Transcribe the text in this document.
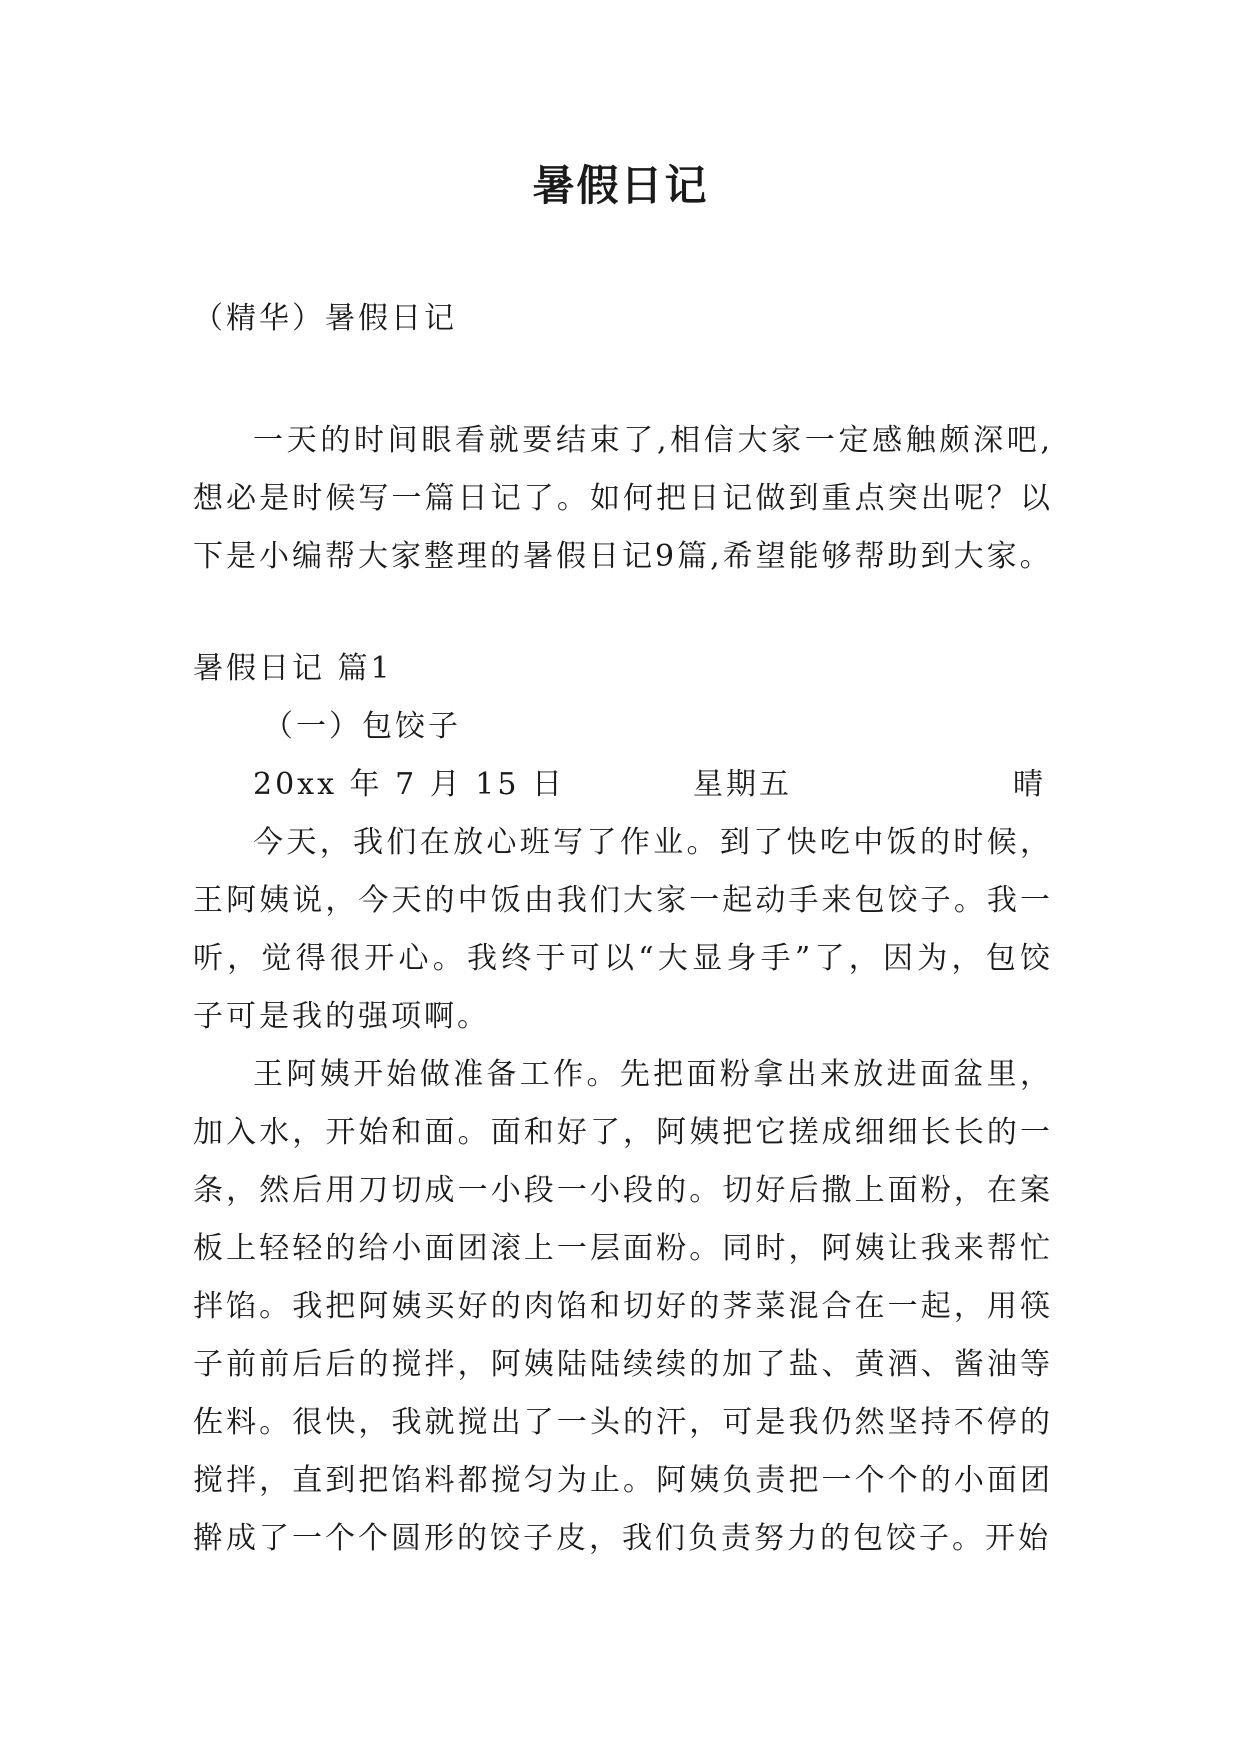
暑假日记

（精华）暑假日记

一天的时间眼看就要结束了,相信大家一定感触颇深吧,想必是时候写一篇日记了。如何把日记做到重点突出呢？以下是小编帮大家整理的暑假日记9篇,希望能够帮助到大家。

暑假日记 篇1

（一）包饺子

20xx 年 7 月 15 日	星期五	晴

今天，我们在放心班写了作业。到了快吃中饭的时候，王阿姨说，今天的中饭由我们大家一起动手来包饺子。我一听，觉得很开心。我终于可以“大显身手”了，因为，包饺子可是我的强项啊。

王阿姨开始做准备工作。先把面粉拿出来放进面盆里，加入水，开始和面。面和好了，阿姨把它搓成细细长长的一条，然后用刀切成一小段一小段的。切好后撒上面粉，在案板上轻轻的给小面团滚上一层面粉。同时，阿姨让我来帮忙拌馅。我把阿姨买好的肉馅和切好的荠菜混合在一起，用筷子前前后后的搅拌，阿姨陆陆续续的加了盐、黄酒、酱油等佐料。很快，我就搅出了一头的汗，可是我仍然坚持不停的搅拌，直到把馅料都搅匀为止。阿姨负责把一个个的小面团擀成了一个个圆形的饺子皮，我们负责努力的包饺子。开始
